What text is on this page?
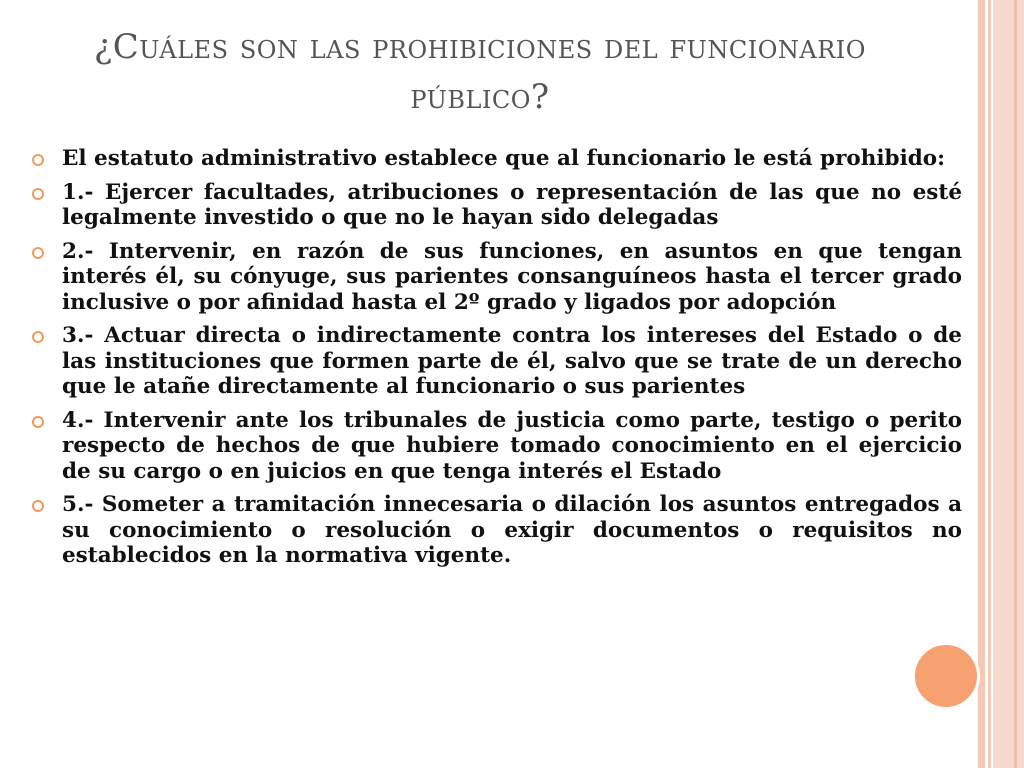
¿Cuáles son las prohibiciones del funcionario público?
El estatuto administrativo establece que al funcionario le está prohibido:
1.- Ejercer facultades, atribuciones o representación de las que no esté legalmente investido o que no le hayan sido delegadas
2.- Intervenir, en razón de sus funciones, en asuntos en que tengan interés él, su cónyuge, sus parientes consanguíneos hasta el tercer grado inclusive o por afinidad hasta el 2º grado y ligados por adopción
3.- Actuar directa o indirectamente contra los intereses del Estado o de las instituciones que formen parte de él, salvo que se trate de un derecho que le atañe directamente al funcionario o sus parientes
4.- Intervenir ante los tribunales de justicia como parte, testigo o perito respecto de hechos de que hubiere tomado conocimiento en el ejercicio de su cargo o en juicios en que tenga interés el Estado
5.- Someter a tramitación innecesaria o dilación los asuntos entregados a su conocimiento o resolución o exigir documentos o requisitos no establecidos en la normativa vigente.
